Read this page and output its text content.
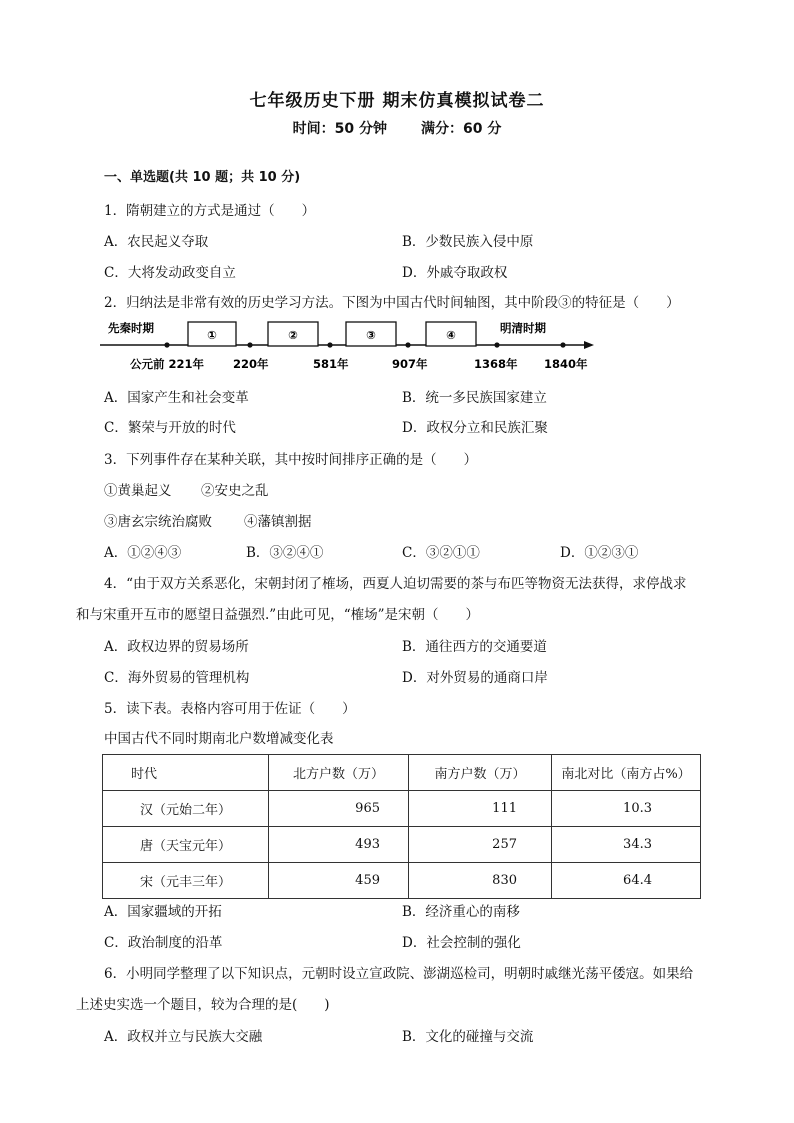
七年级历史下册 期末仿真模拟试卷二
时间：50 分钟 满分：60 分
一、单选题(共 10 题；共 10 分)
1．隋朝建立的方式是通过（　　）
A．农民起义夺取	B．少数民族入侵中原
C．大将发动政变自立	D．外戚夺取政权
2．归纳法是非常有效的历史学习方法。下图为中国古代时间轴图，其中阶段③的特征是（　　）
先秦时期	明清时期
①	②	③	④
公元前 221年	220年	581年	907年	1368年 1840年
A．国家产生和社会变革	B．统一多民族国家建立
C．繁荣与开放的时代	D．政权分立和民族汇聚
3．下列事件存在某种关联，其中按时间排序正确的是（　　）
①黄巢起义 ②安史之乱
③唐玄宗统治腐败 ④藩镇割据
A．①②④③	B．③②④①	C．③②①①	D．①②③①
4．“由于双方关系恶化，宋朝封闭了榷场，西夏人迫切需要的茶与布匹等物资无法获得，求停战求
和与宋重开互市的愿望日益强烈.”由此可见，“榷场”是宋朝（　　）
A．政权边界的贸易场所	B．通往西方的交通要道
C．海外贸易的管理机构	D．对外贸易的通商口岸
5．读下表。表格内容可用于佐证（　　）
中国古代不同时期南北户数增减变化表
时代	北方户数（万）	南方户数（万）	南北对比（南方占%）
汉（元始二年）	965	111	10.3
唐（天宝元年）	493	257	34.3
宋（元丰三年）	459	830	64.4
A．国家疆域的开拓	B．经济重心的南移
C．政治制度的沿革	D．社会控制的强化
6．小明同学整理了以下知识点，元朝时设立宣政院、澎湖巡检司，明朝时戚继光荡平倭寇。如果给
上述史实选一个题目，较为合理的是(　　)
A．政权并立与民族大交融	B．文化的碰撞与交流
